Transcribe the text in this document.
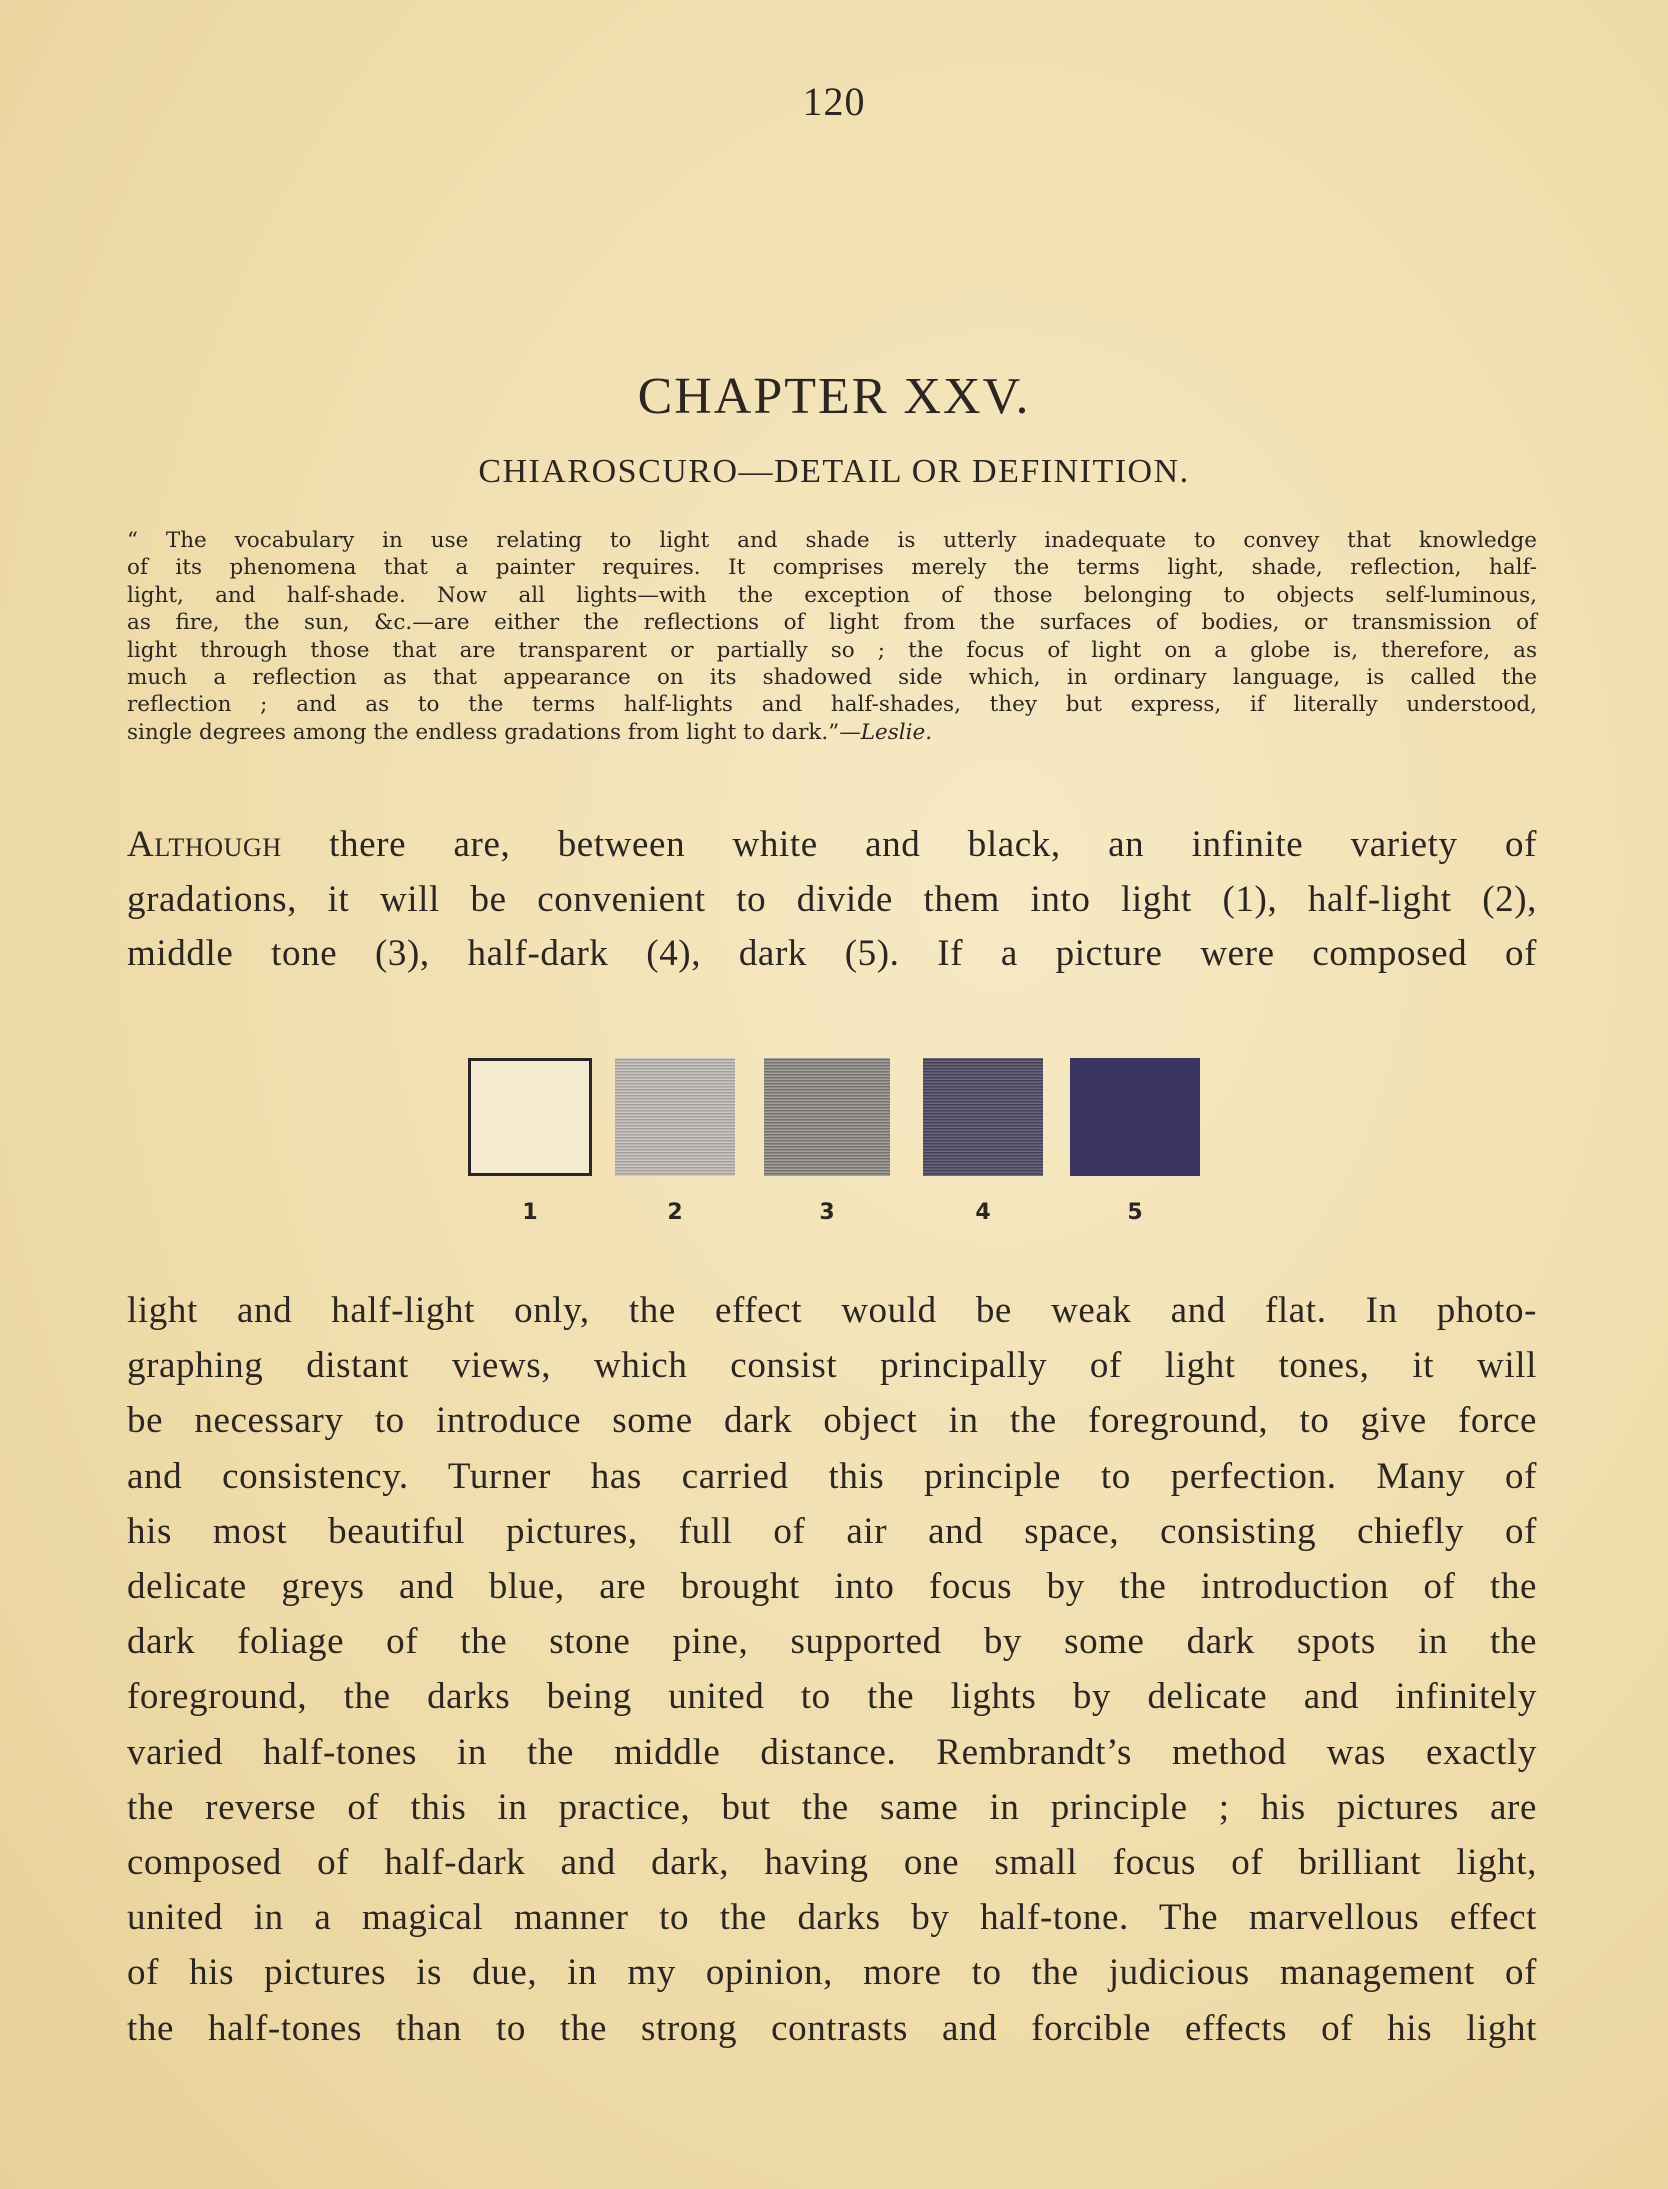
120
CHAPTER XXV.
CHIAROSCURO—DETAIL OR DEFINITION.
“ The vocabulary in use relating to light and shade is utterly inadequate to convey that knowledge
of its phenomena that a painter requires. It comprises merely the terms light, shade, reflection, half-
light, and half-shade. Now all lights—with the exception of those belonging to objects self-luminous,
as fire, the sun, &c.—are either the reflections of light from the surfaces of bodies, or transmission of
light through those that are transparent or partially so ; the focus of light on a globe is, therefore, as
much a reflection as that appearance on its shadowed side which, in ordinary language, is called the
reflection ; and as to the terms half-lights and half-shades, they but express, if literally understood,
single degrees among the endless gradations from light to dark.”—Leslie.
Although there are, between white and black, an infinite variety of
gradations, it will be convenient to divide them into light (1), half-light (2),
middle tone (3), half-dark (4), dark (5). If a picture were composed of
1	2	3	4	5
light and half-light only, the effect would be weak and flat. In photo-
graphing distant views, which consist principally of light tones, it will
be necessary to introduce some dark object in the foreground, to give force
and consistency. Turner has carried this principle to perfection. Many of
his most beautiful pictures, full of air and space, consisting chiefly of
delicate greys and blue, are brought into focus by the introduction of the
dark foliage of the stone pine, supported by some dark spots in the
foreground, the darks being united to the lights by delicate and infinitely
varied half-tones in the middle distance. Rembrandt’s method was exactly
the reverse of this in practice, but the same in principle ; his pictures are
composed of half-dark and dark, having one small focus of brilliant light,
united in a magical manner to the darks by half-tone. The marvellous effect
of his pictures is due, in my opinion, more to the judicious management of
the half-tones than to the strong contrasts and forcible effects of his light
